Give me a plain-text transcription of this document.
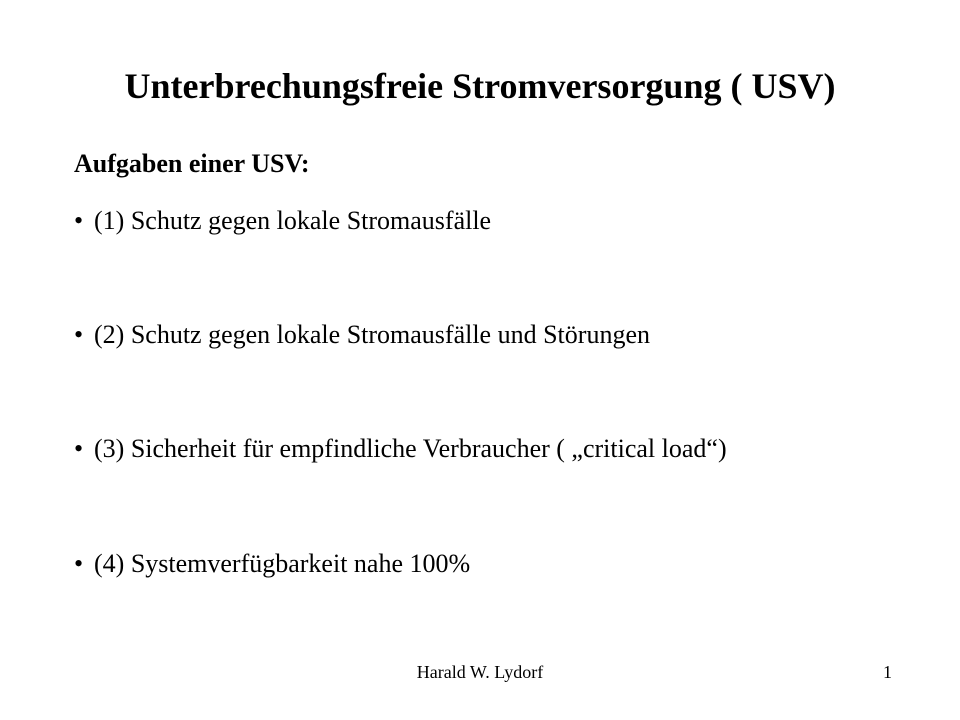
Unterbrechungsfreie Stromversorgung ( USV)
Aufgaben einer USV:
• (1) Schutz gegen lokale Stromausfälle
• (2) Schutz gegen lokale Stromausfälle und Störungen
• (3) Sicherheit für empfindliche Verbraucher ( „critical load“)
• (4) Systemverfügbarkeit nahe 100%
Harald W. Lydorf	1
